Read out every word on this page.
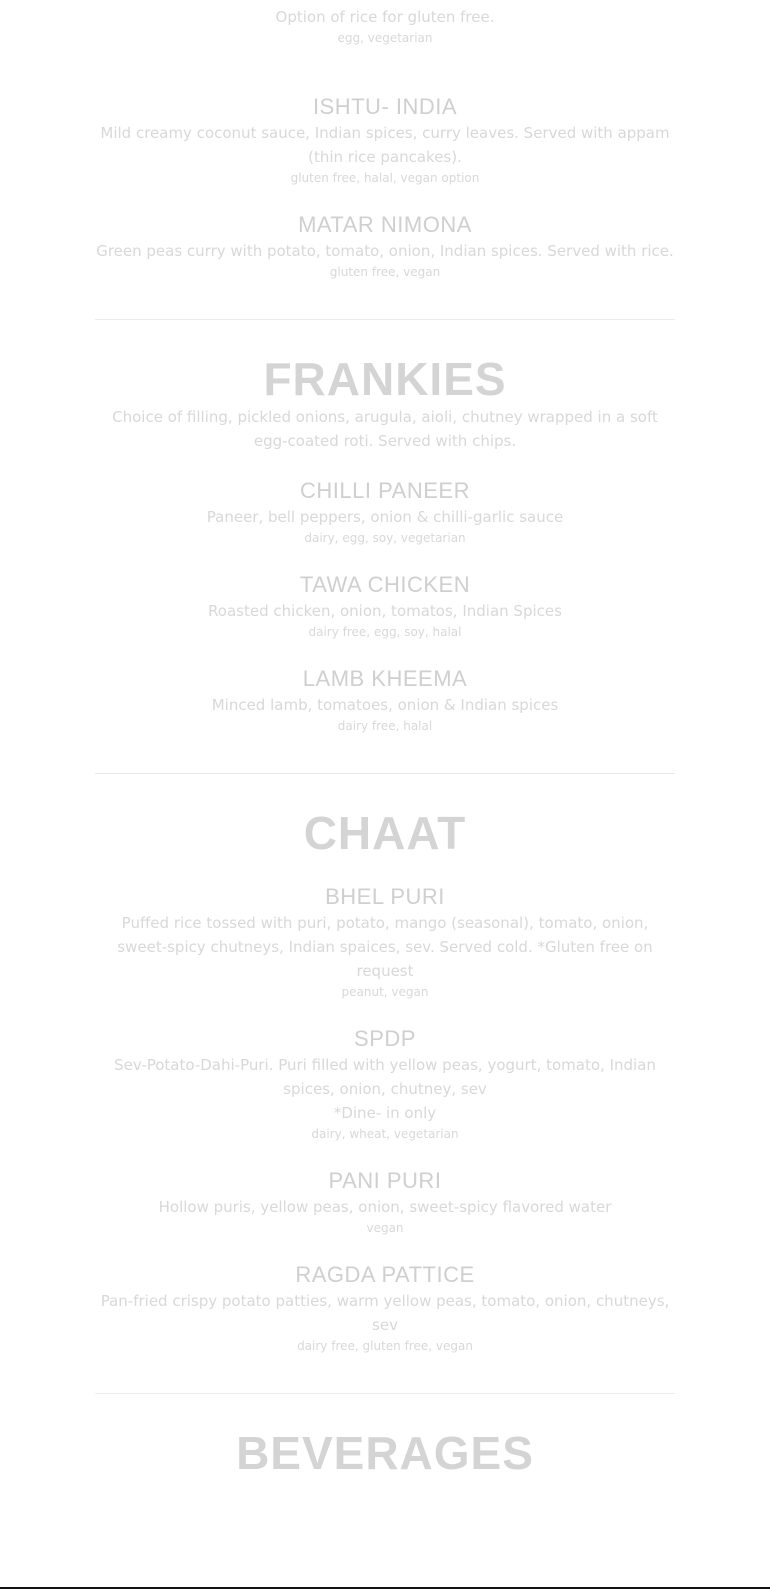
Option of rice for gluten free.

egg, vegetarian

ISHTU- INDIA

Mild creamy coconut sauce, Indian spices, curry leaves. Served with appam (thin rice pancakes).

gluten free, halal, vegan option

MATAR NIMONA

Green peas curry with potato, tomato, onion, Indian spices. Served with rice.

gluten free, vegan

FRANKIES

Choice of filling, pickled onions, arugula, aioli, chutney wrapped in a soft egg-coated roti. Served with chips.

CHILLI PANEER

Paneer, bell peppers, onion & chilli-garlic sauce

dairy, egg, soy, vegetarian

TAWA CHICKEN

Roasted chicken, onion, tomatos, Indian Spices

dairy free, egg, soy, halal

LAMB KHEEMA

Minced lamb, tomatoes, onion & Indian spices

dairy free, halal

CHAAT

BHEL PURI

Puffed rice tossed with puri, potato, mango (seasonal), tomato, onion, sweet-spicy chutneys, Indian spaices, sev. Served cold. *Gluten free on request

peanut, vegan

SPDP

Sev-Potato-Dahi-Puri. Puri filled with yellow peas, yogurt, tomato, Indian spices, onion, chutney, sev

*Dine- in only

dairy, wheat, vegetarian

PANI PURI

Hollow puris, yellow peas, onion, sweet-spicy flavored water

vegan

RAGDA PATTICE

Pan-fried crispy potato patties, warm yellow peas, tomato, onion, chutneys, sev

dairy free, gluten free, vegan

BEVERAGES
